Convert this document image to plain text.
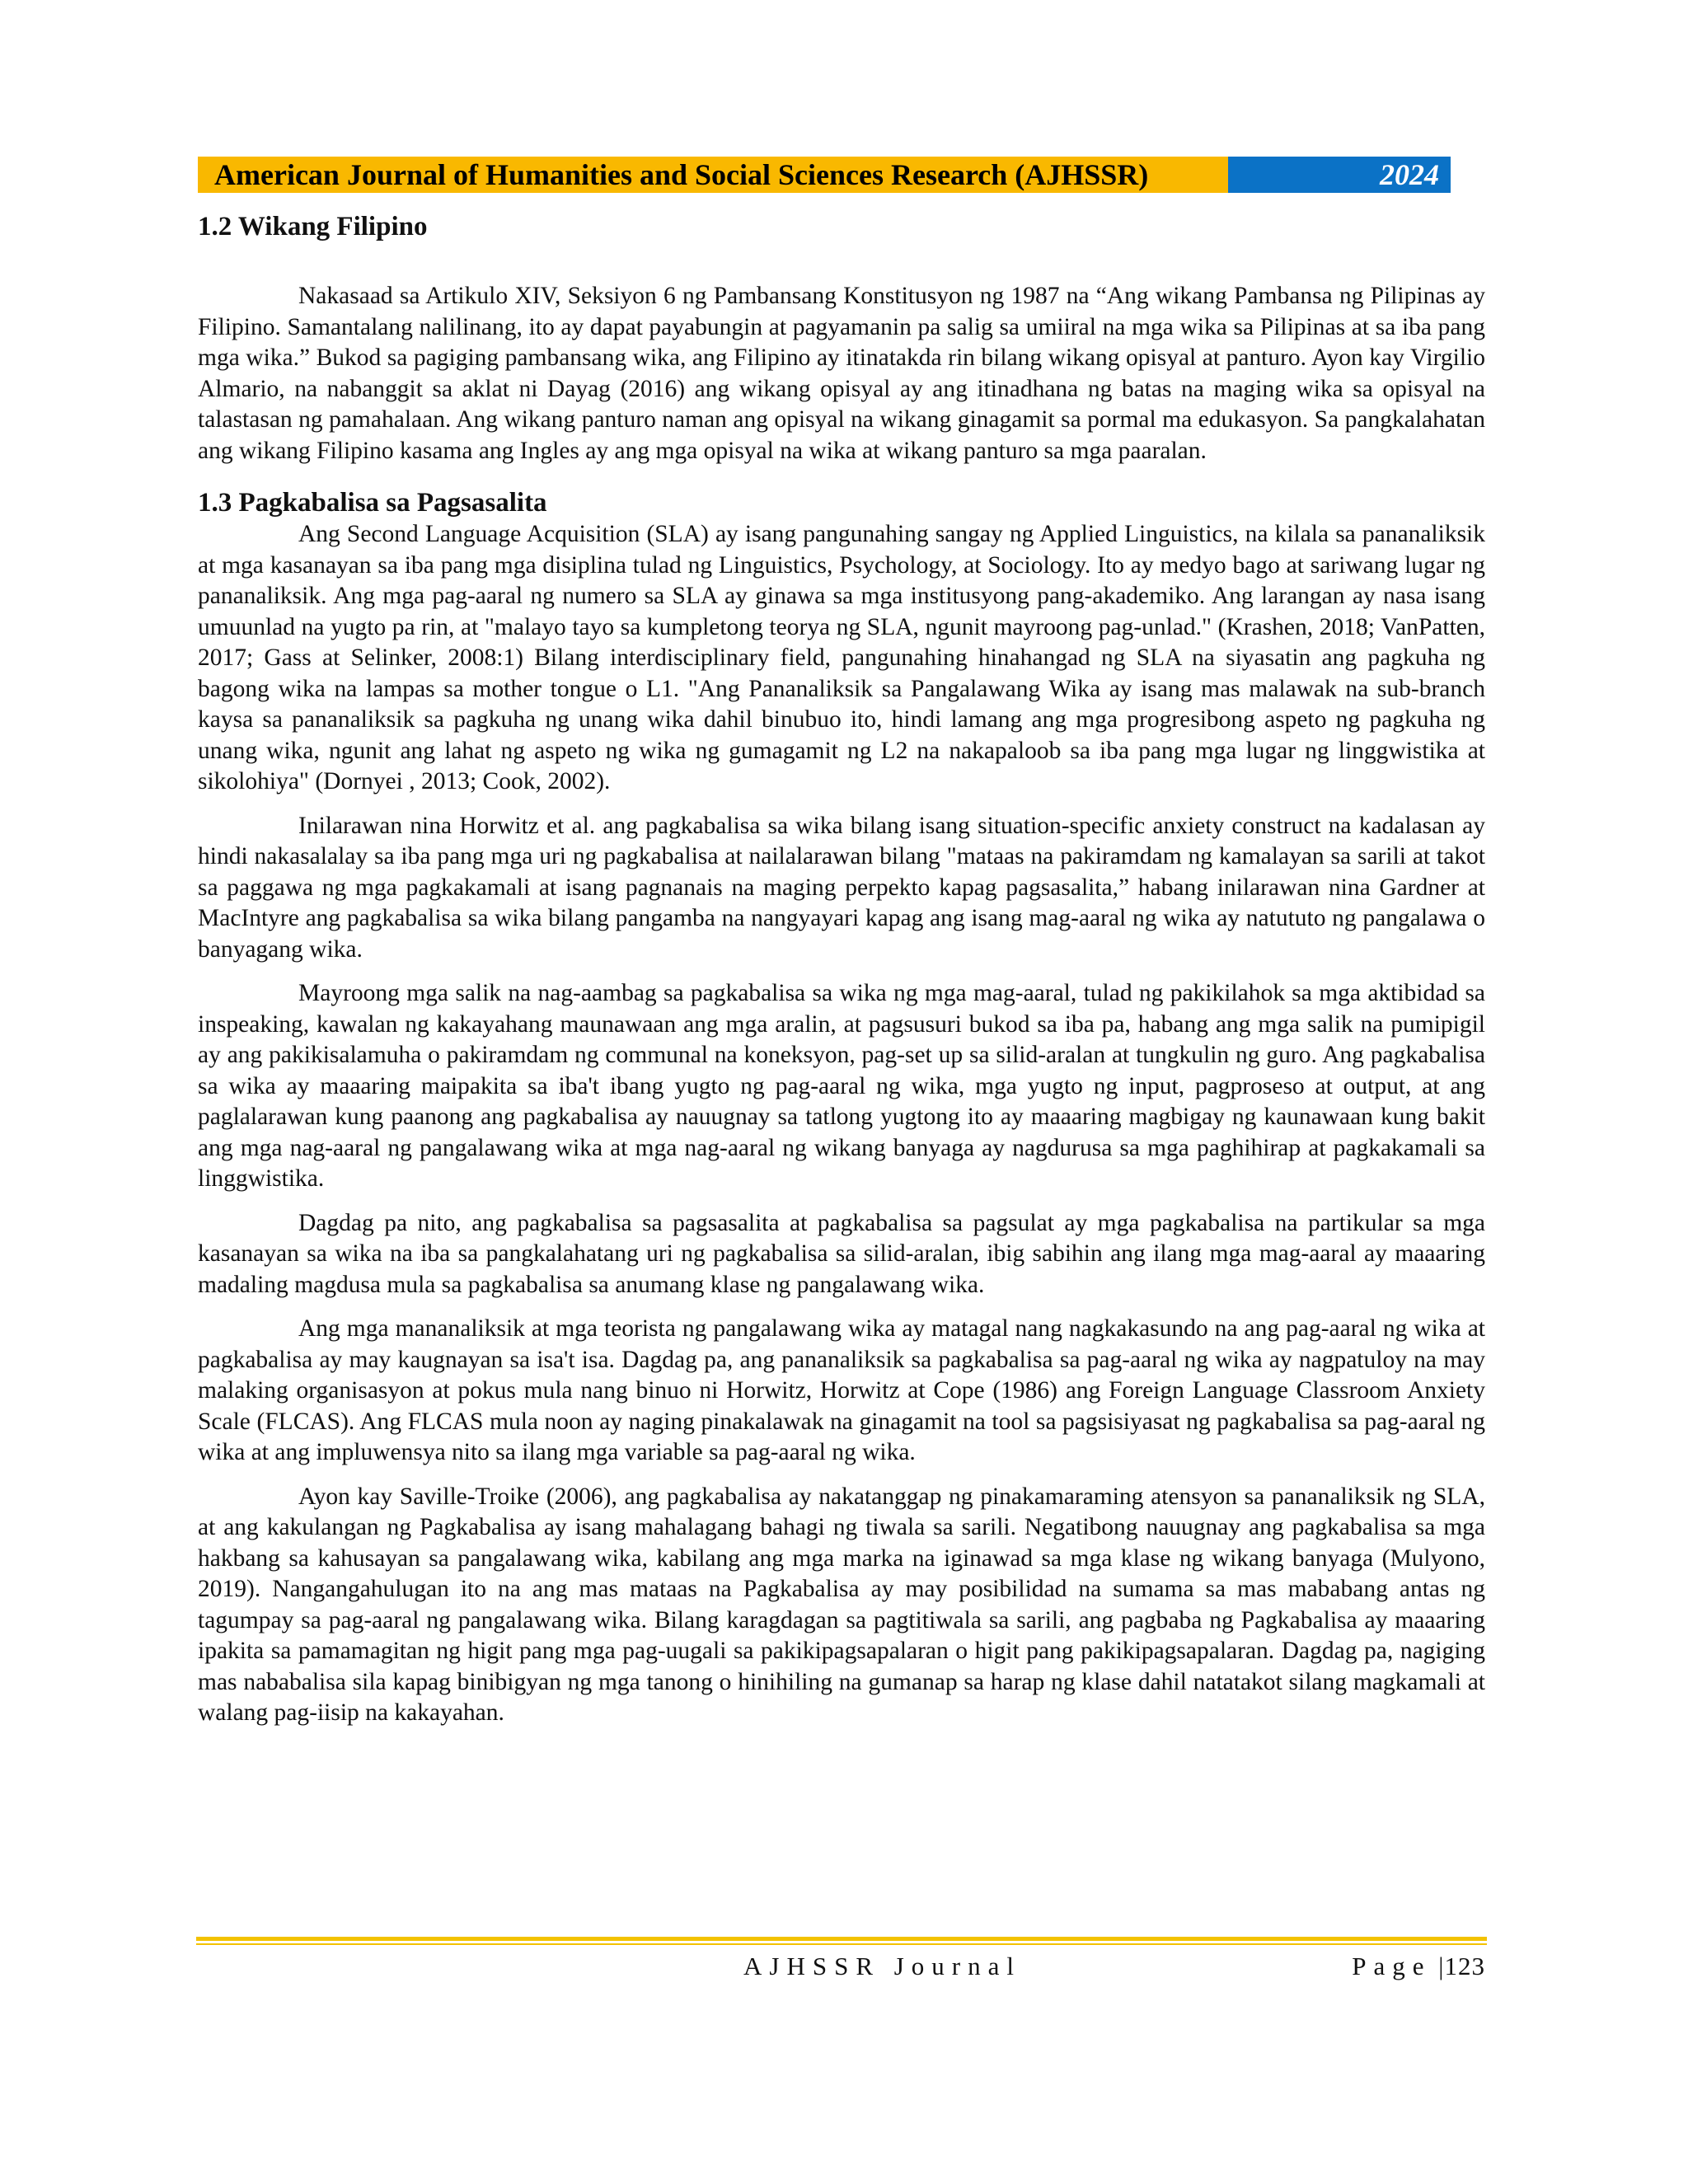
American Journal of Humanities and Social Sciences Research (AJHSSR)	2024
1.2 Wikang Filipino

Nakasaad sa Artikulo XIV, Seksiyon 6 ng Pambansang Konstitusyon ng 1987 na “Ang wikang Pambansa ng Pilipinas ay Filipino. Samantalang nalilinang, ito ay dapat payabungin at pagyamanin pa salig sa umiiral na mga wika sa Pilipinas at sa iba pang mga wika.” Bukod sa pagiging pambansang wika, ang Filipino ay itinatakda rin bilang wikang opisyal at panturo. Ayon kay Virgilio Almario, na nabanggit sa aklat ni Dayag (2016) ang wikang opisyal ay ang itinadhana ng batas na maging wika sa opisyal na talastasan ng pamahalaan. Ang wikang panturo naman ang opisyal na wikang ginagamit sa pormal ma edukasyon. Sa pangkalahatan ang wikang Filipino kasama ang Ingles ay ang mga opisyal na wika at wikang panturo sa mga paaralan.

1.3 Pagkabalisa sa Pagsasalita

Ang Second Language Acquisition (SLA) ay isang pangunahing sangay ng Applied Linguistics, na kilala sa pananaliksik at mga kasanayan sa iba pang mga disiplina tulad ng Linguistics, Psychology, at Sociology. Ito ay medyo bago at sariwang lugar ng pananaliksik. Ang mga pag-aaral ng numero sa SLA ay ginawa sa mga institusyong pang-akademiko. Ang larangan ay nasa isang umuunlad na yugto pa rin, at "malayo tayo sa kumpletong teorya ng SLA, ngunit mayroong pag-unlad." (Krashen, 2018; VanPatten, 2017; Gass at Selinker, 2008:1) Bilang interdisciplinary field, pangunahing hinahangad ng SLA na siyasatin ang pagkuha ng bagong wika na lampas sa mother tongue o L1. "Ang Pananaliksik sa Pangalawang Wika ay isang mas malawak na sub-branch kaysa sa pananaliksik sa pagkuha ng unang wika dahil binubuo ito, hindi lamang ang mga progresibong aspeto ng pagkuha ng unang wika, ngunit ang lahat ng aspeto ng wika ng gumagamit ng L2 na nakapaloob sa iba pang mga lugar ng linggwistika at sikolohiya" (Dornyei , 2013; Cook, 2002).

Inilarawan nina Horwitz et al. ang pagkabalisa sa wika bilang isang situation-specific anxiety construct na kadalasan ay hindi nakasalalay sa iba pang mga uri ng pagkabalisa at nailalarawan bilang "mataas na pakiramdam ng kamalayan sa sarili at takot sa paggawa ng mga pagkakamali at isang pagnanais na maging perpekto kapag pagsasalita,” habang inilarawan nina Gardner at MacIntyre ang pagkabalisa sa wika bilang pangamba na nangyayari kapag ang isang mag-aaral ng wika ay natututo ng pangalawa o banyagang wika.

Mayroong mga salik na nag-aambag sa pagkabalisa sa wika ng mga mag-aaral, tulad ng pakikilahok sa mga aktibidad sa inspeaking, kawalan ng kakayahang maunawaan ang mga aralin, at pagsusuri bukod sa iba pa, habang ang mga salik na pumipigil ay ang pakikisalamuha o pakiramdam ng communal na koneksyon, pag-set up sa silid-aralan at tungkulin ng guro. Ang pagkabalisa sa wika ay maaaring maipakita sa iba't ibang yugto ng pag-aaral ng wika, mga yugto ng input, pagproseso at output, at ang paglalarawan kung paanong ang pagkabalisa ay nauugnay sa tatlong yugtong ito ay maaaring magbigay ng kaunawaan kung bakit ang mga nag-aaral ng pangalawang wika at mga nag-aaral ng wikang banyaga ay nagdurusa sa mga paghihirap at pagkakamali sa linggwistika.

Dagdag pa nito, ang pagkabalisa sa pagsasalita at pagkabalisa sa pagsulat ay mga pagkabalisa na partikular sa mga kasanayan sa wika na iba sa pangkalahatang uri ng pagkabalisa sa silid-aralan, ibig sabihin ang ilang mga mag-aaral ay maaaring madaling magdusa mula sa pagkabalisa sa anumang klase ng pangalawang wika.

Ang mga mananaliksik at mga teorista ng pangalawang wika ay matagal nang nagkakasundo na ang pag-aaral ng wika at pagkabalisa ay may kaugnayan sa isa't isa. Dagdag pa, ang pananaliksik sa pagkabalisa sa pag-aaral ng wika ay nagpatuloy na may malaking organisasyon at pokus mula nang binuo ni Horwitz, Horwitz at Cope (1986) ang Foreign Language Classroom Anxiety Scale (FLCAS). Ang FLCAS mula noon ay naging pinakalawak na ginagamit na tool sa pagsisiyasat ng pagkabalisa sa pag-aaral ng wika at ang impluwensya nito sa ilang mga variable sa pag-aaral ng wika.

Ayon kay Saville-Troike (2006), ang pagkabalisa ay nakatanggap ng pinakamaraming atensyon sa pananaliksik ng SLA, at ang kakulangan ng Pagkabalisa ay isang mahalagang bahagi ng tiwala sa sarili. Negatibong nauugnay ang pagkabalisa sa mga hakbang sa kahusayan sa pangalawang wika, kabilang ang mga marka na iginawad sa mga klase ng wikang banyaga (Mulyono, 2019). Nangangahulugan ito na ang mas mataas na Pagkabalisa ay may posibilidad na sumama sa mas mababang antas ng tagumpay sa pag-aaral ng pangalawang wika. Bilang karagdagan sa pagtitiwala sa sarili, ang pagbaba ng Pagkabalisa ay maaaring ipakita sa pamamagitan ng higit pang mga pag-uugali sa pakikipagsapalaran o higit pang pakikipagsapalaran. Dagdag pa, nagiging mas nababalisa sila kapag binibigyan ng mga tanong o hinihiling na gumanap sa harap ng klase dahil natatakot silang magkamali at walang pag-iisip na kakayahan.

AJHSSR Journal	Page |123
